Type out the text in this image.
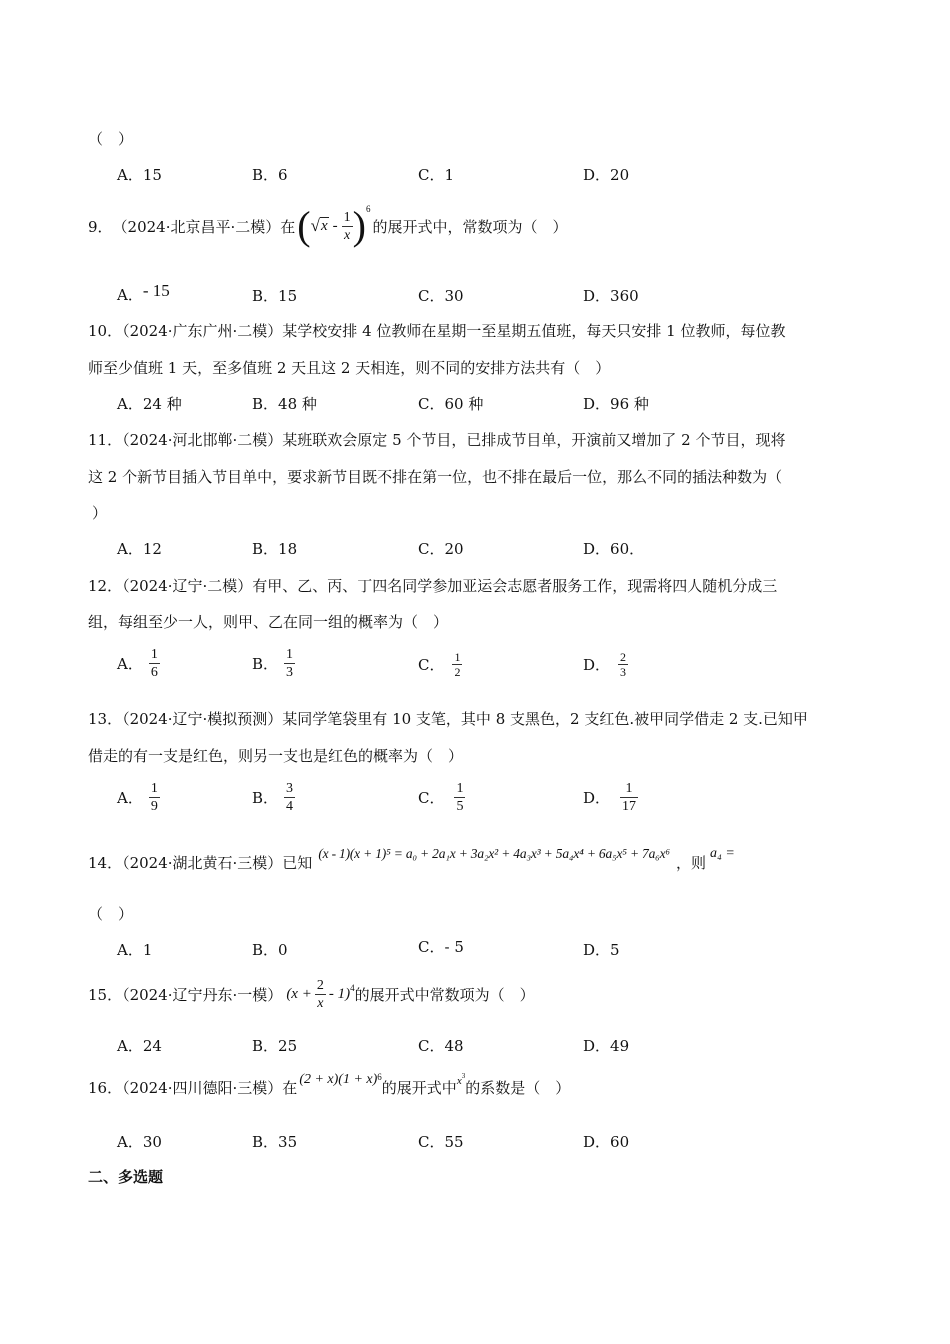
（　）
A．15	B．6	C．1	D．20
9． （2024·北京昌平·二模）在 ( √ x - $\frac{1}{x} )^6$
的展开式中，常数项为（　）
A．- 15	B．15	C．30	D．360
10．（2024·广东广州·二模）某学校安排 4 位教师在星期一至星期五值班，每天只安排 1 位教师，每位教
师至少值班 1 天，至多值班 2 天且这 2 天相连，则不同的安排方法共有（　）
A．24 种	B．48 种	C．60 种	D．96 种
11．（2024·河北邯郸·二模）某班联欢会原定 5 个节目，已排成节目单，开演前又增加了 2 个节目，现将
这 2 个新节目插入节目单中，要求新节目既不排在第一位，也不排在最后一位，那么不同的插法种数为（
）
A．12	B．18	C．20	D．60．
12．（2024·辽宁·二模）有甲、乙、丙、丁四名同学参加亚运会志愿者服务工作，现需将四人随机分成三
组，每组至少一人，则甲、乙在同一组的概率为（　）
A． $\frac{1}{6}$	B． $\frac{1}{3}$	C． $\frac{1}{2}$	D． $\frac{2}{3}$
13．（2024·辽宁·模拟预测）某同学笔袋里有 10 支笔，其中 8 支黑色，2 支红色.被甲同学借走 2 支.已知甲
借走的有一支是红色，则另一支也是红色的概率为（　）
A． $\frac{1}{9}$	B． $\frac{3}{4}$	C． $\frac{1}{5}$	D． $\frac{1}{17}$
14．（2024·湖北黄石·三模）已知
(x - 1)(x + 1)⁵ = a₀ + 2a₁x + 3a₂x² + 4a₃x³ + 5a₄x⁴ + 6a₅x⁵ + 7a₆x⁶
，则
a₄ =
（　）
A．1	B．0	C．- 5	D．5
15．（2024·辽宁丹东·一模） $(x + \frac{2}{x} - 1)^4$ 的展开式中常数项为（　）
A．24	B．25	C．48	D．49
16．（2024·四川德阳·三模）在 $(2 + x)(1 + x)^6$
的展开式中 $x^3$
的系数是（　）
A．30	B．35	C．55	D．60
二、多选题
